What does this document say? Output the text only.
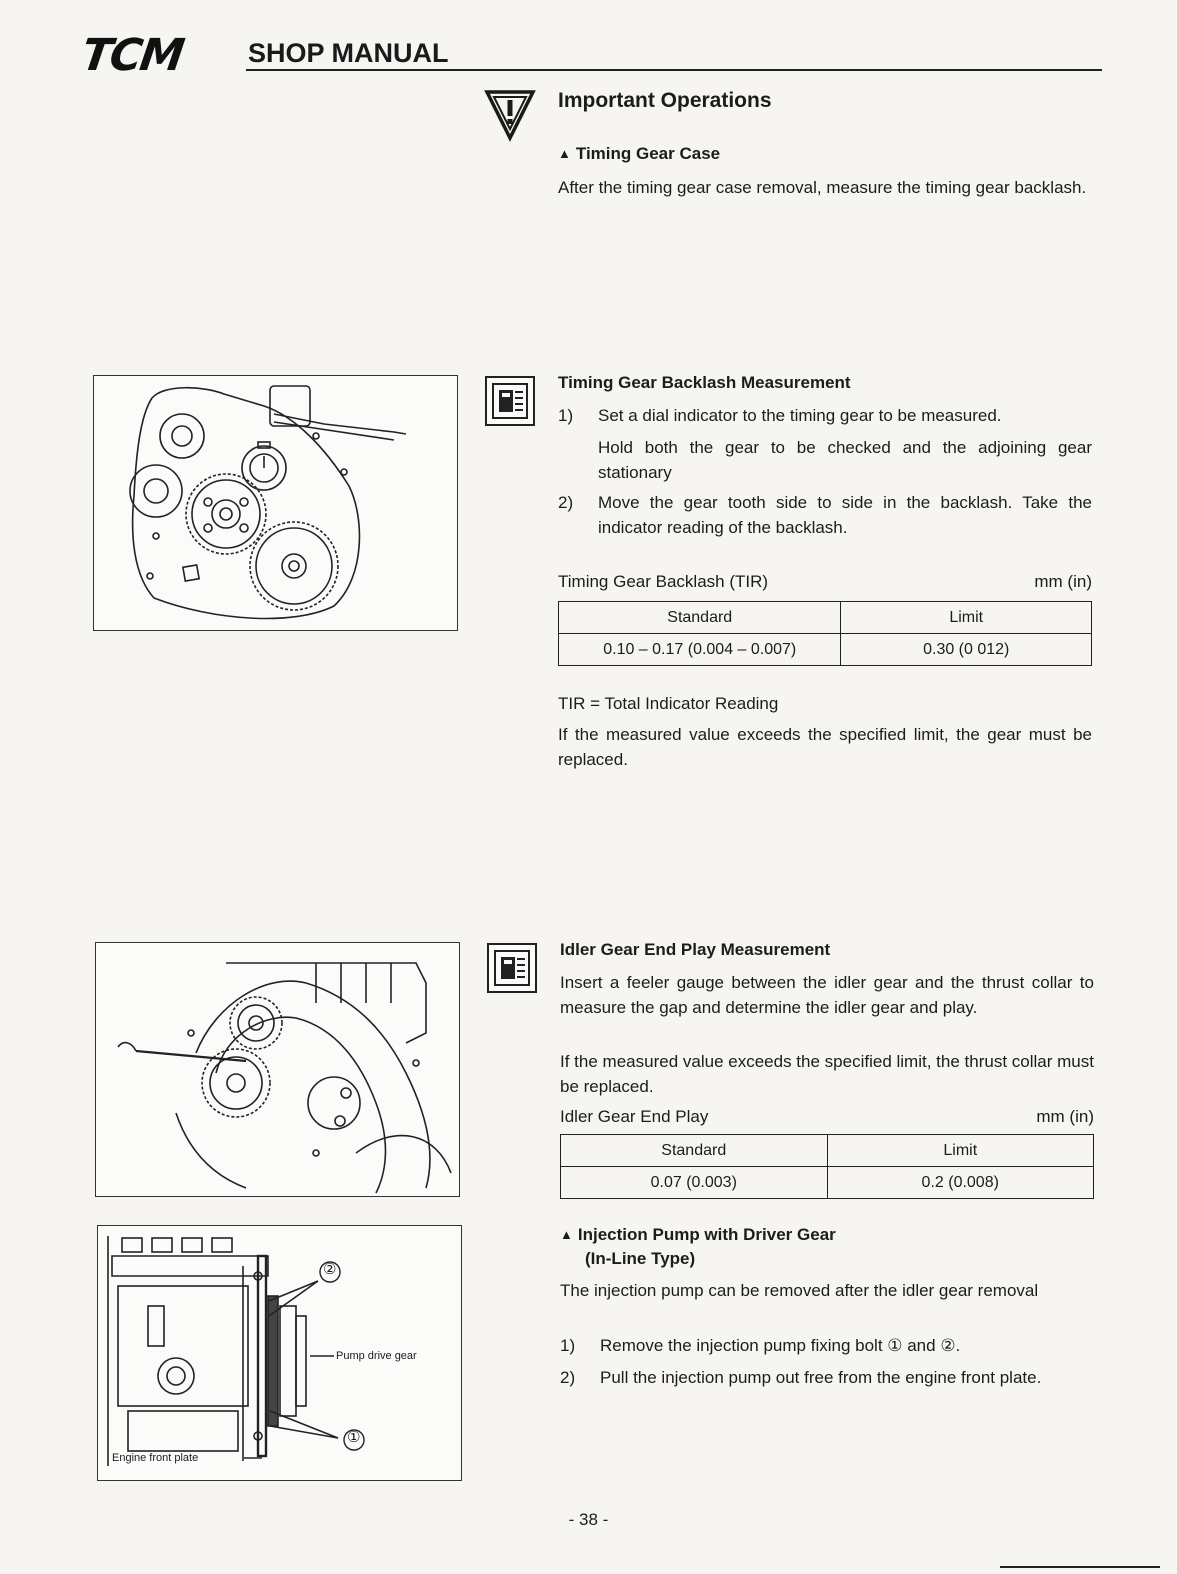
TCM SHOP MANUAL
Important Operations
▲ Timing Gear Case
After the timing gear case removal, measure the timing gear backlash.
Timing Gear Backlash Measurement
1) Set a dial indicator to the timing gear to be measured.

Hold both the gear to be checked and the adjoining gear stationary

2) Move the gear tooth side to side in the backlash. Take the indicator reading of the backlash.

Timing Gear Backlash (TIR)	mm (in)
Standard	Limit
0.10 – 0.17 (0.004 – 0.007)	0.30 (0 012)
TIR = Total Indicator Reading
If the measured value exceeds the specified limit, the gear must be replaced.
Idler Gear End Play Measurement
Insert a feeler gauge between the idler gear and the thrust collar to measure the gap and determine the idler gear and play.
If the measured value exceeds the specified limit, the thrust collar must be replaced.
Idler Gear End Play	mm (in)
Standard	Limit
0.07 (0.003)	0.2 (0.008)
②
①
Pump drive gear
Engine front plate
▲ Injection Pump with Driver Gear
(In-Line Type)
The injection pump can be removed after the idler gear removal
1) Remove the injection pump fixing bolt ① and ②.

2) Pull the injection pump out free from the engine front plate.

- 38 -
